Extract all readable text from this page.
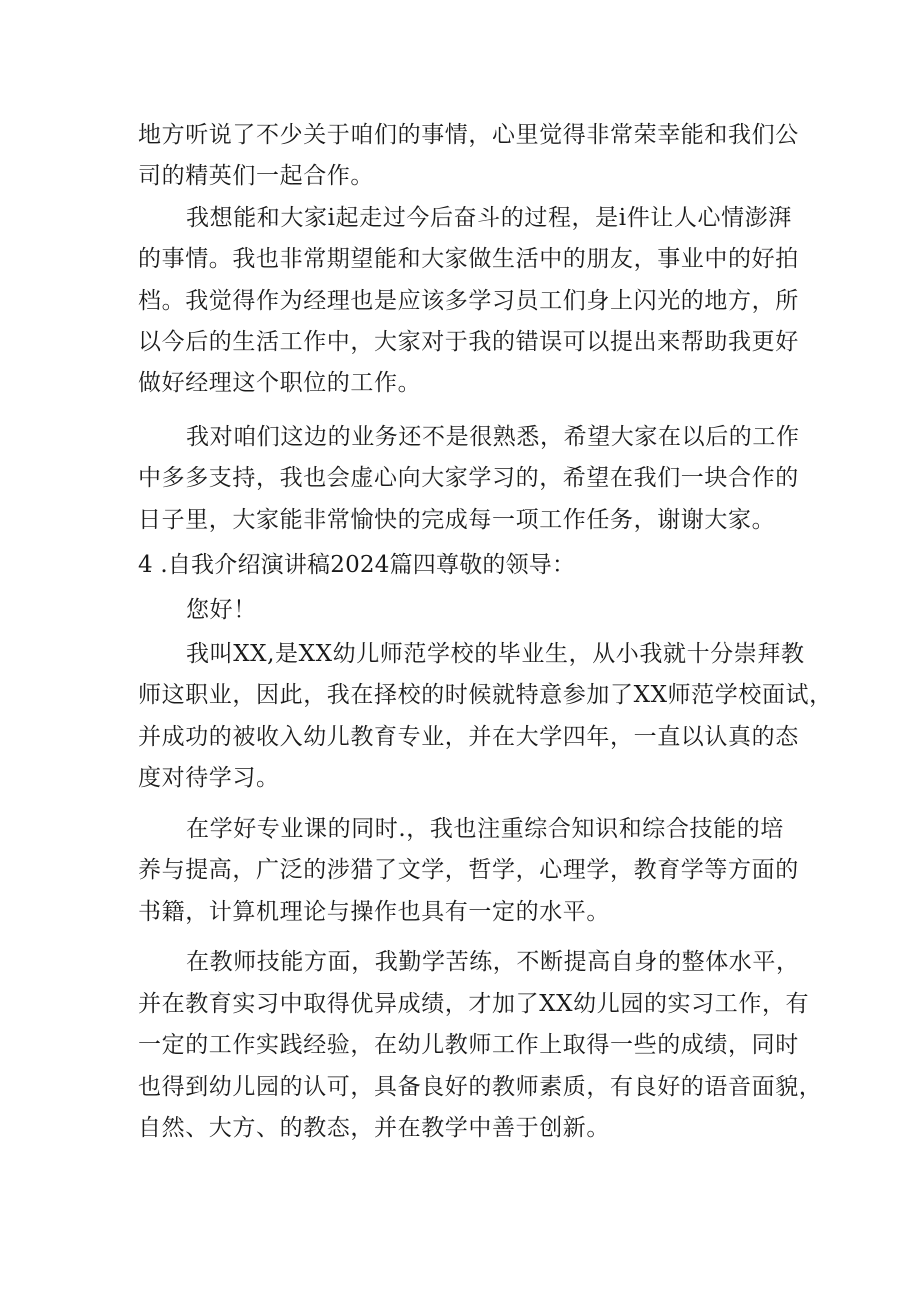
地方听说了不少关于咱们的事情，心里觉得非常荣幸能和我们公
司的精英们一起合作。
我想能和大家i起走过今后奋斗的过程，是i件让人心情澎湃
的事情。我也非常期望能和大家做生活中的朋友，事业中的好拍
档。我觉得作为经理也是应该多学习员工们身上闪光的地方，所
以今后的生活工作中，大家对于我的错误可以提出来帮助我更好
做好经理这个职位的工作。
我对咱们这边的业务还不是很熟悉，希望大家在以后的工作
中多多支持，我也会虚心向大家学习的，希望在我们一块合作的
日子里，大家能非常愉快的完成每一项工作任务，谢谢大家。
4 .自我介绍演讲稿2024篇四尊敬的领导：
您好！
我叫XX,是XX幼儿师范学校的毕业生，从小我就十分崇拜教
师这职业，因此，我在择校的时候就特意参加了XX师范学校面试，
并成功的被收入幼儿教育专业，并在大学四年，一直以认真的态
度对待学习。
在学好专业课的同时.，我也注重综合知识和综合技能的培
养与提高，广泛的涉猎了文学，哲学，心理学，教育学等方面的
书籍，计算机理论与操作也具有一定的水平。
在教师技能方面，我勤学苦练，不断提高自身的整体水平，
并在教育实习中取得优异成绩，才加了XX幼儿园的实习工作，有
一定的工作实践经验，在幼儿教师工作上取得一些的成绩，同时
也得到幼儿园的认可，具备良好的教师素质，有良好的语音面貌，
自然、大方、的教态，并在教学中善于创新。
